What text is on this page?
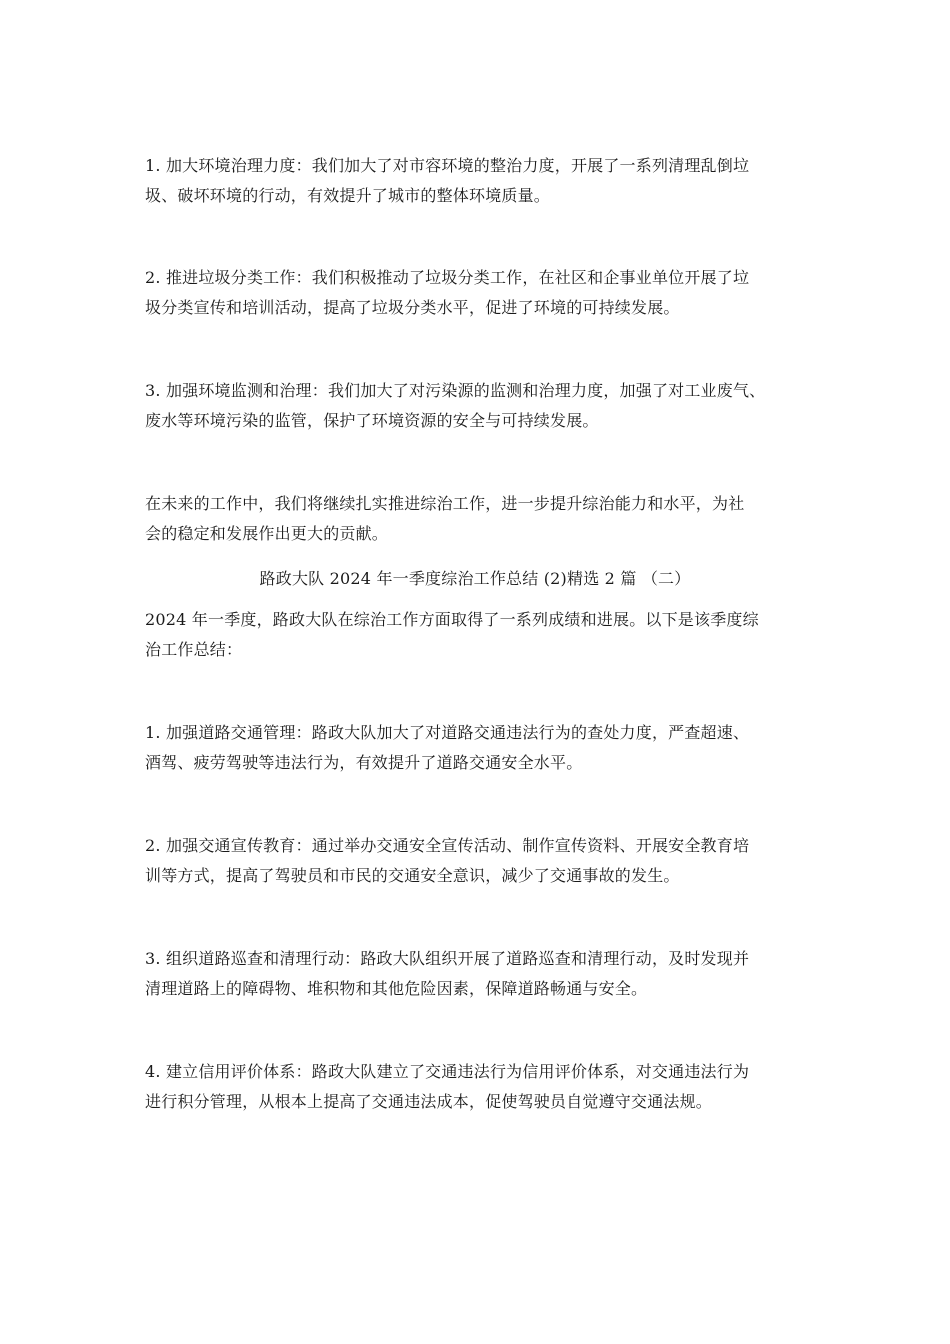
1. 加大环境治理力度：我们加大了对市容环境的整治力度，开展了一系列清理乱倒垃
圾、破坏环境的行动，有效提升了城市的整体环境质量。
2. 推进垃圾分类工作：我们积极推动了垃圾分类工作，在社区和企事业单位开展了垃
圾分类宣传和培训活动，提高了垃圾分类水平，促进了环境的可持续发展。
3. 加强环境监测和治理：我们加大了对污染源的监测和治理力度，加强了对工业废气、
废水等环境污染的监管，保护了环境资源的安全与可持续发展。
在未来的工作中，我们将继续扎实推进综治工作，进一步提升综治能力和水平，为社
会的稳定和发展作出更大的贡献。
路政大队 2024 年一季度综治工作总结 (2)精选 2 篇 （二）
2024 年一季度，路政大队在综治工作方面取得了一系列成绩和进展。以下是该季度综
治工作总结：
1. 加强道路交通管理：路政大队加大了对道路交通违法行为的查处力度，严查超速、
酒驾、疲劳驾驶等违法行为，有效提升了道路交通安全水平。
2. 加强交通宣传教育：通过举办交通安全宣传活动、制作宣传资料、开展安全教育培
训等方式，提高了驾驶员和市民的交通安全意识，减少了交通事故的发生。
3. 组织道路巡查和清理行动：路政大队组织开展了道路巡查和清理行动，及时发现并
清理道路上的障碍物、堆积物和其他危险因素，保障道路畅通与安全。
4. 建立信用评价体系：路政大队建立了交通违法行为信用评价体系，对交通违法行为
进行积分管理，从根本上提高了交通违法成本，促使驾驶员自觉遵守交通法规。
